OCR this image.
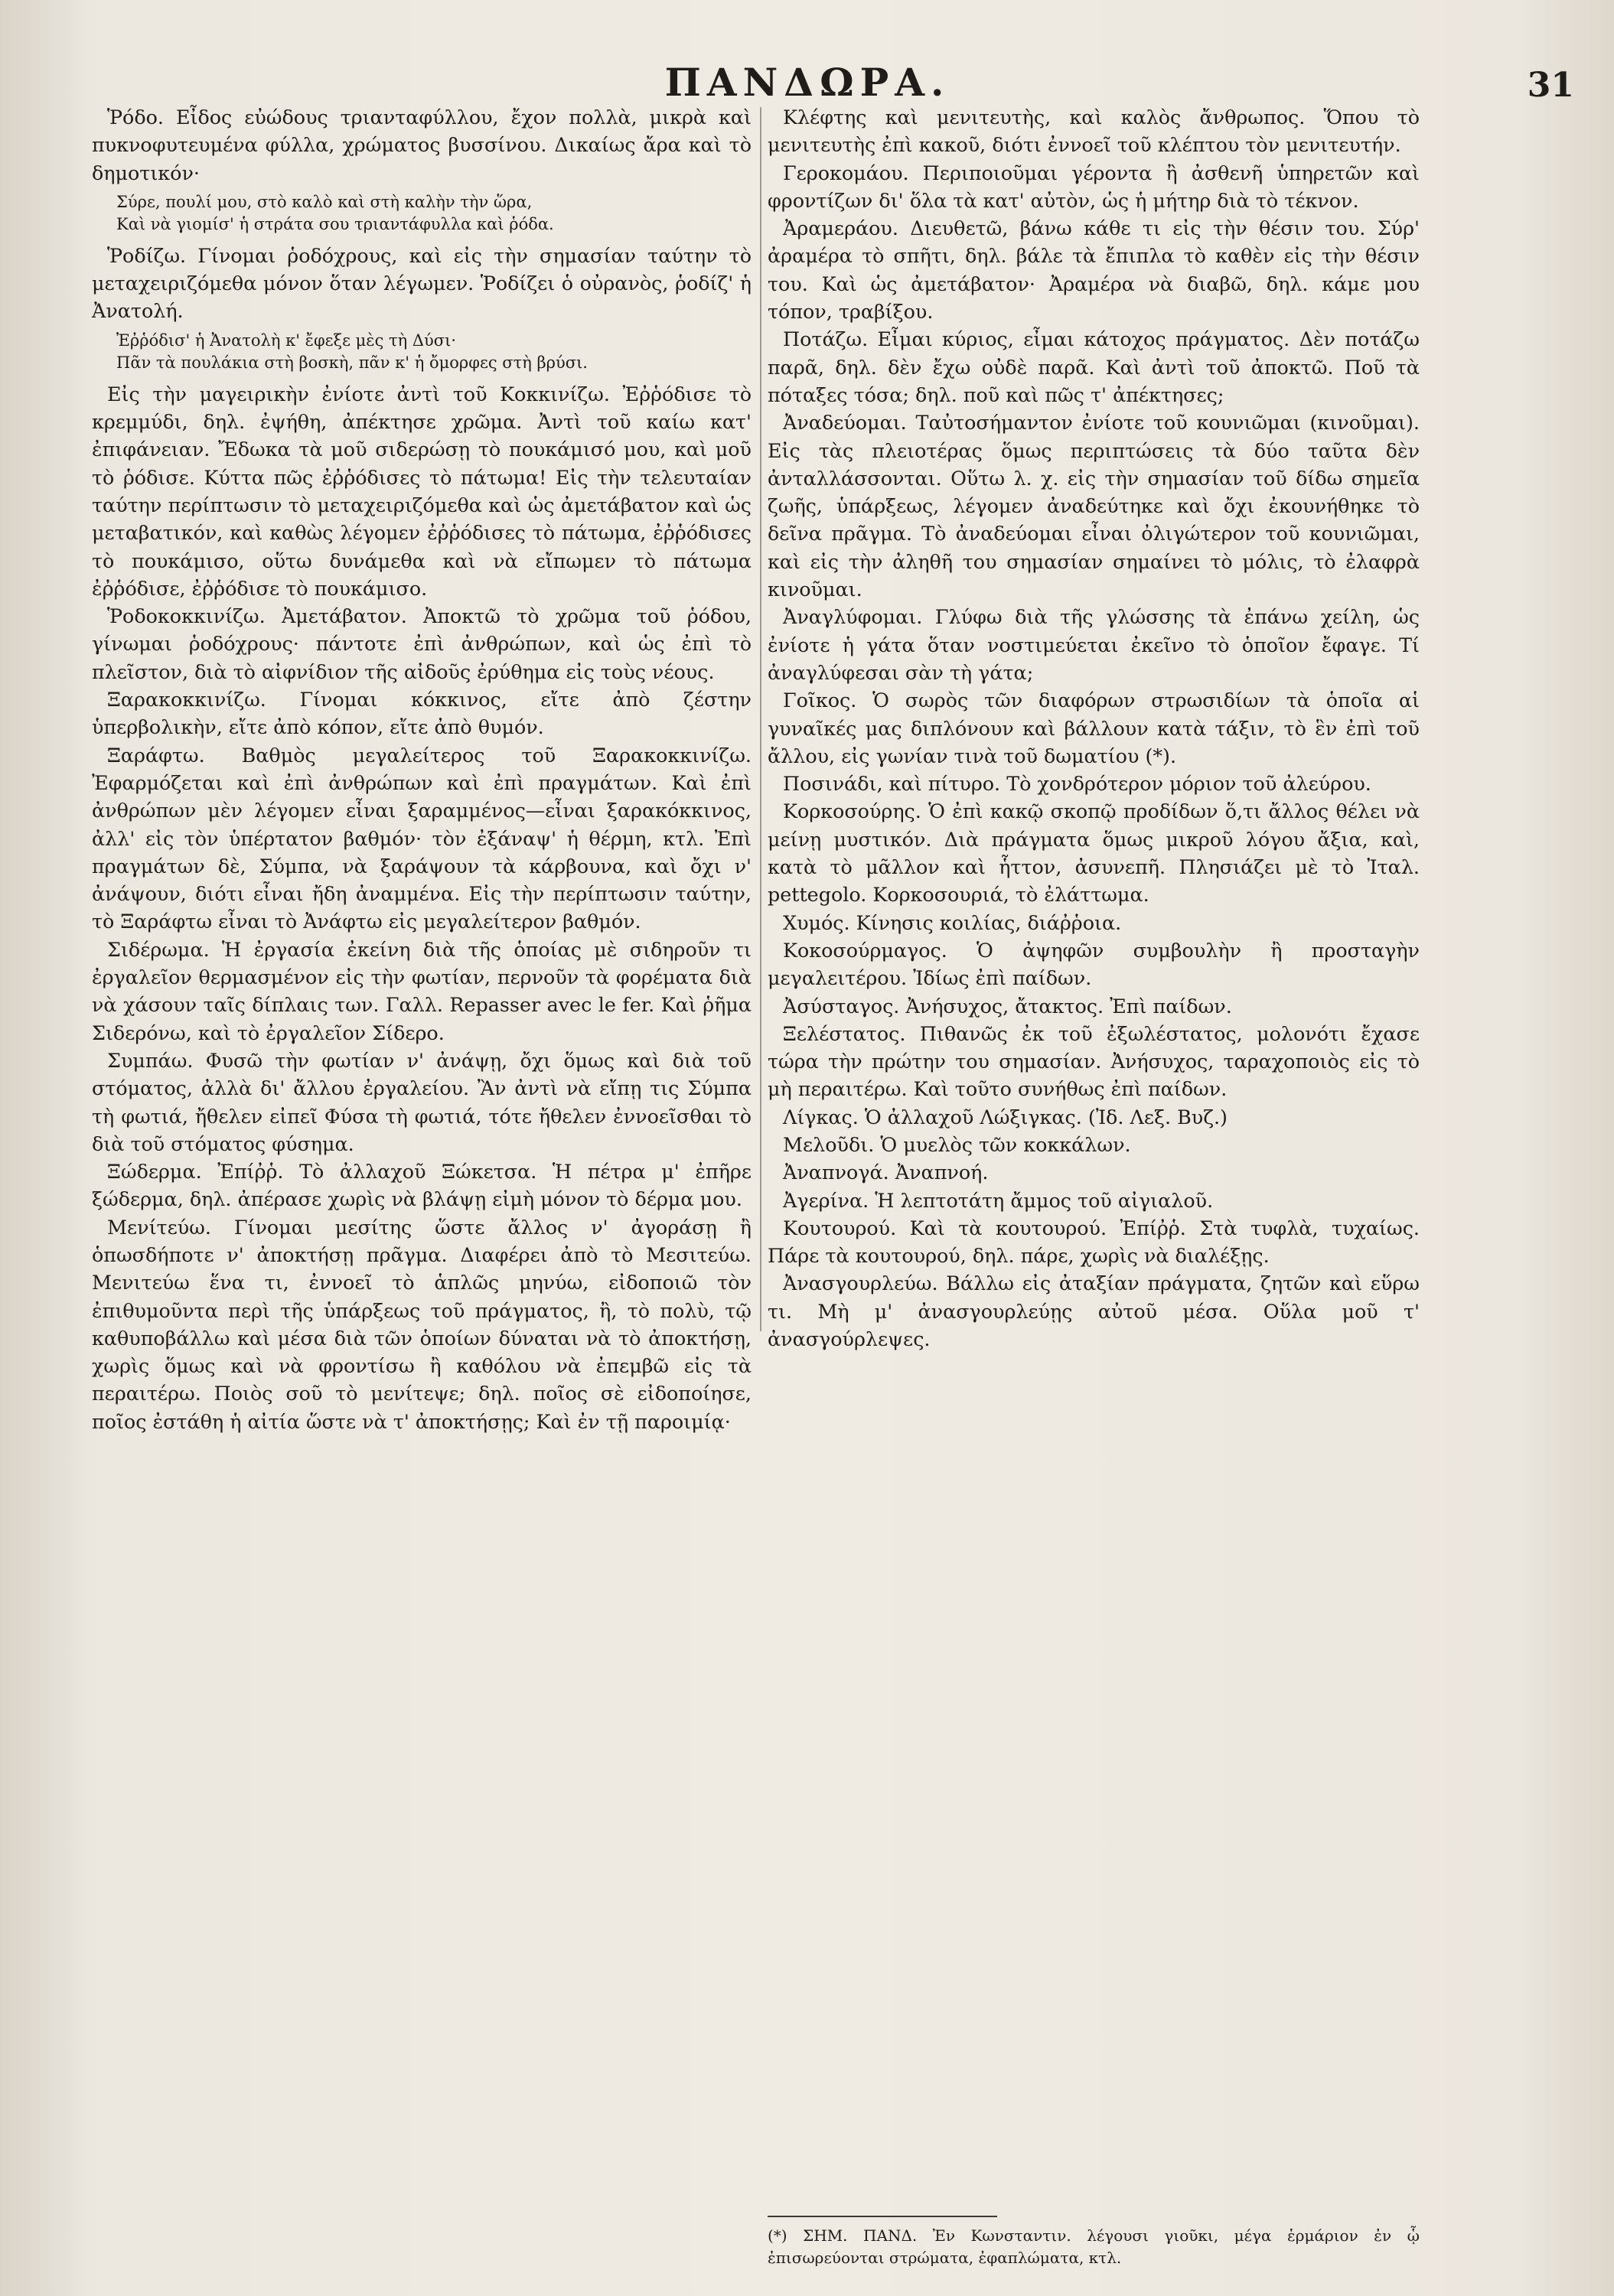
ΠΑΝΔΩΡΑ.	31

Ῥόδο. Εἶδος εὐώδους τριανταφύλλου, ἔχον πολλὰ, μικρὰ καὶ πυκνοφυτευμένα φύλλα, χρώματος βυσσίνου. Δικαίως ἄρα καὶ τὸ δημοτικόν·

Σύρε, πουλί μου, στὸ καλὸ καὶ στὴ καλὴν τὴν ὥρα,
Καὶ νὰ γιομίσ' ἡ στράτα σου τριαντάφυλλα καὶ ῥόδα.

Ῥοδίζω. Γίνομαι ῥοδόχρους, καὶ εἰς τὴν σημασίαν ταύτην τὸ μεταχειριζόμεθα μόνον ὅταν λέγωμεν. Ῥοδίζει ὁ οὐρανὸς, ῥοδίζ' ἡ Ἀνατολή.

Ἐῤῥόδισ' ἡ Ἀνατολὴ κ' ἔφεξε μὲς τὴ Δύσι·
Πᾶν τὰ πουλάκια στὴ βοσκὴ, πᾶν κ' ἡ ὄμορφες στὴ βρύσι.

Εἰς τὴν μαγειρικὴν ἐνίοτε ἀντὶ τοῦ Κοκκινίζω. Ἐῤῥόδισε τὸ κρεμμύδι, δηλ. ἐψήθη, ἀπέκτησε χρῶμα. Ἀντὶ τοῦ καίω κατ' ἐπιφάνειαν. Ἔδωκα τὰ μοῦ σιδερώσῃ τὸ πουκάμισό μου, καὶ μοῦ τὸ ῥόδισε. Κύττα πῶς ἐῤῥόδισες τὸ πάτωμα! Εἰς τὴν τελευταίαν ταύτην περίπτωσιν τὸ μεταχειριζόμεθα καὶ ὡς ἀμετάβατον καὶ ὡς μεταβατικόν, καὶ καθὼς λέγομεν ἐῤῥόδισες τὸ πάτωμα, ἐῤῥόδισες τὸ πουκάμισο, οὕτω δυνάμεθα καὶ νὰ εἴπωμεν τὸ πάτωμα ἐῤῥόδισε, ἐῤῥόδισε τὸ πουκάμισο.

Ῥοδοκοκκινίζω. Ἀμετάβατον. Ἀποκτῶ τὸ χρῶμα τοῦ ῥόδου, γίνωμαι ῥοδόχρους· πάντοτε ἐπὶ ἀνθρώπων, καὶ ὡς ἐπὶ τὸ πλεῖστον, διὰ τὸ αἰφνίδιον τῆς αἰδοῦς ἐρύθημα εἰς τοὺς νέους.

Ξαρακοκκινίζω. Γίνομαι κόκκινος, εἴτε ἀπὸ ζέστην ὑπερβολικὴν, εἴτε ἀπὸ κόπον, εἴτε ἀπὸ θυμόν.

Ξαράφτω. Βαθμὸς μεγαλείτερος τοῦ Ξαρακοκκινίζω. Ἐφαρμόζεται καὶ ἐπὶ ἀνθρώπων καὶ ἐπὶ πραγμάτων. Καὶ ἐπὶ ἀνθρώπων μὲν λέγομεν εἶναι ξαραμμένος—εἶναι ξαρακόκκινος, ἀλλ' εἰς τὸν ὑπέρτατον βαθμόν· τὸν ἐξάναψ' ἡ θέρμη, κτλ. Ἐπὶ πραγμάτων δὲ, Σύμπα, νὰ ξαράψουν τὰ κάρβουνα, καὶ ὄχι ν' ἀνάψουν, διότι εἶναι ἤδη ἀναμμένα. Εἰς τὴν περίπτωσιν ταύτην, τὸ Ξαράφτω εἶναι τὸ Ἀνάφτω εἰς μεγαλείτερον βαθμόν.

Σιδέρωμα. Ἡ ἐργασία ἐκείνη διὰ τῆς ὁποίας μὲ σιδηροῦν τι ἐργαλεῖον θερμασμένον εἰς τὴν φωτίαν, περνοῦν τὰ φορέματα διὰ νὰ χάσουν ταῖς δίπλαις των. Γαλλ. Repasser avec le fer. Καὶ ῥῆμα Σιδερόνω, καὶ τὸ ἐργαλεῖον Σίδερο.

Συμπάω. Φυσῶ τὴν φωτίαν ν' ἀνάψῃ, ὄχι ὅμως καὶ διὰ τοῦ στόματος, ἀλλὰ δι' ἄλλου ἐργαλείου. Ἂν ἀντὶ νὰ εἴπῃ τις Σύμπα τὴ φωτιά, ἤθελεν εἰπεῖ Φύσα τὴ φωτιά, τότε ἤθελεν ἐννοεῖσθαι τὸ διὰ τοῦ στόματος φύσημα.

Ξώδερμα. Ἐπίῤῥ. Τὸ ἀλλαχοῦ Ξώκετσα. Ἡ πέτρα μ' ἐπῆρε ξώδερμα, δηλ. ἀπέρασε χωρὶς νὰ βλάψῃ εἰμὴ μόνον τὸ δέρμα μου.

Μενίτεύω. Γίνομαι μεσίτης ὥστε ἄλλος ν' ἀγοράσῃ ἢ ὁπωσδήποτε ν' ἀποκτήσῃ πρᾶγμα. Διαφέρει ἀπὸ τὸ Μεσιτεύω. Μενιτεύω ἕνα τι, ἐννοεῖ τὸ ἁπλῶς μηνύω, εἰδοποιῶ τὸν ἐπιθυμοῦντα περὶ τῆς ὑπάρξεως τοῦ πράγματος, ἢ, τὸ πολὺ, τῷ καθυποβάλλω καὶ μέσα διὰ τῶν ὁποίων δύναται νὰ τὸ ἀποκτήσῃ, χωρὶς ὅμως καὶ νὰ φροντίσω ἢ καθόλου νὰ ἐπεμβῶ εἰς τὰ περαιτέρω. Ποιὸς σοῦ τὸ μενίτεψε; δηλ. ποῖος σὲ εἰδοποίησε, ποῖος ἐστάθη ἡ αἰτία ὥστε νὰ τ' ἀποκτήσῃς; Καὶ ἐν τῇ παροιμίᾳ·

Κλέφτης καὶ μενιτευτὴς, καὶ καλὸς ἄνθρωπος. Ὅπου τὸ μενιτευτὴς ἐπὶ κακοῦ, διότι ἐννοεῖ τοῦ κλέπτου τὸν μενιτευτήν.

Γεροκομάου. Περιποιοῦμαι γέροντα ἢ ἀσθενῆ ὑπηρετῶν καὶ φροντίζων δι' ὅλα τὰ κατ' αὐτὸν, ὡς ἡ μήτηρ διὰ τὸ τέκνον.

Ἀραμεράου. Διευθετῶ, βάνω κάθε τι εἰς τὴν θέσιν του. Σύρ' ἀραμέρα τὸ σπῆτι, δηλ. βάλε τὰ ἔπιπλα τὸ καθὲν εἰς τὴν θέσιν του. Καὶ ὡς ἀμετάβατον· Ἀραμέρα νὰ διαβῶ, δηλ. κάμε μου τόπον, τραβίξου.

Ποτάζω. Εἶμαι κύριος, εἶμαι κάτοχος πράγματος. Δὲν ποτάζω παρᾶ, δηλ. δὲν ἔχω οὐδὲ παρᾶ. Καὶ ἀντὶ τοῦ ἀποκτῶ. Ποῦ τὰ πόταξες τόσα; δηλ. ποῦ καὶ πῶς τ' ἀπέκτησες;

Ἀναδεύομαι. Ταὐτοσήμαντον ἐνίοτε τοῦ κουνιῶμαι (κινοῦμαι). Εἰς τὰς πλειοτέρας ὅμως περιπτώσεις τὰ δύο ταῦτα δὲν ἀνταλλάσσονται. Οὕτω λ. χ. εἰς τὴν σημασίαν τοῦ δίδω σημεῖα ζωῆς, ὑπάρξεως, λέγομεν ἀναδεύτηκε καὶ ὄχι ἐκουνήθηκε τὸ δεῖνα πρᾶγμα. Τὸ ἀναδεύομαι εἶναι ὀλιγώτερον τοῦ κουνιῶμαι, καὶ εἰς τὴν ἀληθῆ του σημασίαν σημαίνει τὸ μόλις, τὸ ἐλαφρὰ κινοῦμαι.

Ἀναγλύφομαι. Γλύφω διὰ τῆς γλώσσης τὰ ἐπάνω χείλη, ὡς ἐνίοτε ἡ γάτα ὅταν νοστιμεύεται ἐκεῖνο τὸ ὁποῖον ἔφαγε. Τί ἀναγλύφεσαι σὰν τὴ γάτα;

Γοῖκος. Ὁ σωρὸς τῶν διαφόρων στρωσιδίων τὰ ὁποῖα αἱ γυναῖκές μας διπλόνουν καὶ βάλλουν κατὰ τάξιν, τὸ ἓν ἐπὶ τοῦ ἄλλου, εἰς γωνίαν τινὰ τοῦ δωματίου (*).

Ποσινάδι, καὶ πίτυρο. Τὸ χονδρότερον μόριον τοῦ ἀλεύρου.

Κορκοσούρης. Ὁ ἐπὶ κακῷ σκοπῷ προδίδων ὅ,τι ἄλλος θέλει νὰ μείνῃ μυστικόν. Διὰ πράγματα ὅμως μικροῦ λόγου ἄξια, καὶ, κατὰ τὸ μᾶλλον καὶ ἧττον, ἀσυνεπῆ. Πλησιάζει μὲ τὸ Ἰταλ. pettegolo. Κορκοσουριά, τὸ ἐλάττωμα.

Χυμός. Κίνησις κοιλίας, διάῤῥοια.

Κοκοσούρμαγος. Ὁ ἀψηφῶν συμβουλὴν ἢ προσταγὴν μεγαλειτέρου. Ἰδίως ἐπὶ παίδων.

Ἀσύσταγος. Ἀνήσυχος, ἄτακτος. Ἐπὶ παίδων.

Ξελέστατος. Πιθανῶς ἐκ τοῦ ἐξωλέστατος, μολονότι ἔχασε τώρα τὴν πρώτην του σημασίαν. Ἀνήσυχος, ταραχοποιὸς εἰς τὸ μὴ περαιτέρω. Καὶ τοῦτο συνήθως ἐπὶ παίδων.

Λίγκας. Ὁ ἀλλαχοῦ Λώξιγκας. (Ἰδ. Λεξ. Βυζ.)

Μελοῦδι. Ὁ μυελὸς τῶν κοκκάλων.

Ἀναπνογά. Ἀναπνοή.

Ἀγερίνα. Ἡ λεπτοτάτη ἄμμος τοῦ αἰγιαλοῦ.

Κουτουρού. Καὶ τὰ κουτουρού. Ἐπίῤῥ. Στὰ τυφλὰ, τυχαίως. Πάρε τὰ κουτουρού, δηλ. πάρε, χωρὶς νὰ διαλέξῃς.

Ἀνασγουρλεύω. Βάλλω εἰς ἀταξίαν πράγματα, ζητῶν καὶ εὕρω τι. Μὴ μ' ἀνασγουρλεύῃς αὐτοῦ μέσα. Οὕλα μοῦ τ' ἀνασγούρλεψες.

(*) ΣΗΜ. ΠΑΝΔ. Ἐν Κωνσταντιν. λέγουσι γιοῦκι, μέγα ἑρμάριον ἐν ᾧ ἐπισωρεύονται στρώματα, ἐφαπλώματα, κτλ.
